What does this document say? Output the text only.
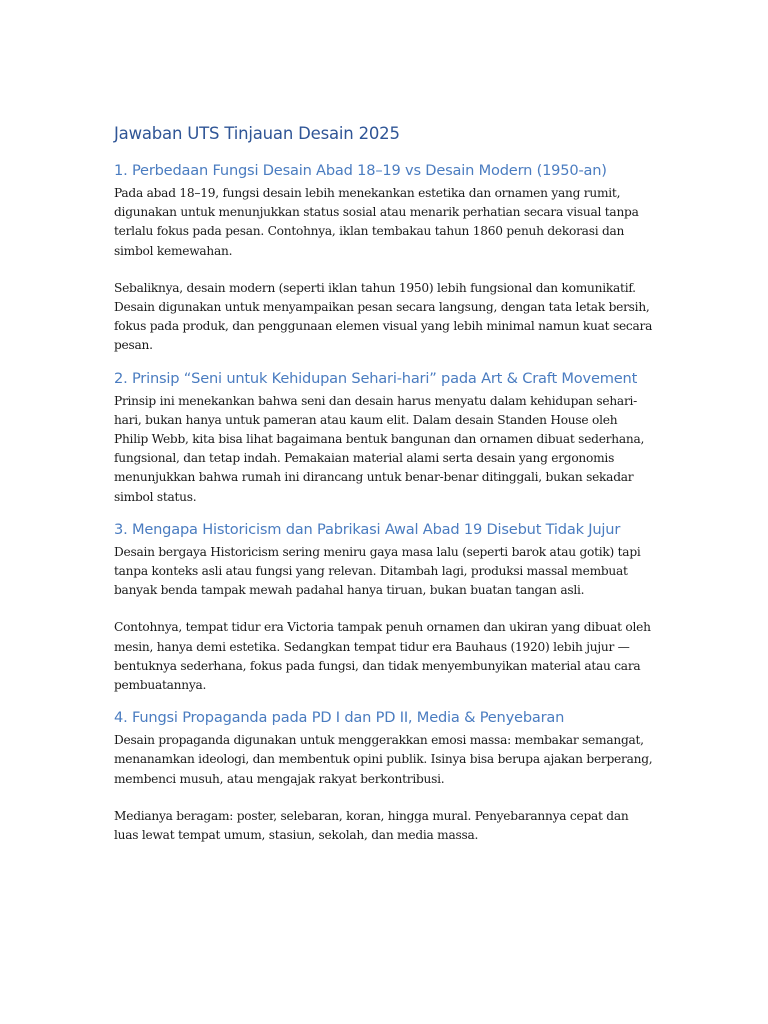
Jawaban UTS Tinjauan Desain 2025
1. Perbedaan Fungsi Desain Abad 18–19 vs Desain Modern (1950-an)

Pada abad 18–19, fungsi desain lebih menekankan estetika dan ornamen yang rumit, digunakan untuk menunjukkan status sosial atau menarik perhatian secara visual tanpa terlalu fokus pada pesan. Contohnya, iklan tembakau tahun 1860 penuh dekorasi dan simbol kemewahan.

Sebaliknya, desain modern (seperti iklan tahun 1950) lebih fungsional dan komunikatif. Desain digunakan untuk menyampaikan pesan secara langsung, dengan tata letak bersih, fokus pada produk, dan penggunaan elemen visual yang lebih minimal namun kuat secara pesan.

2. Prinsip “Seni untuk Kehidupan Sehari-hari” pada Art & Craft Movement

Prinsip ini menekankan bahwa seni dan desain harus menyatu dalam kehidupan sehari-hari, bukan hanya untuk pameran atau kaum elit. Dalam desain Standen House oleh Philip Webb, kita bisa lihat bagaimana bentuk bangunan dan ornamen dibuat sederhana, fungsional, dan tetap indah. Pemakaian material alami serta desain yang ergonomis menunjukkan bahwa rumah ini dirancang untuk benar-benar ditinggali, bukan sekadar simbol status.

3. Mengapa Historicism dan Pabrikasi Awal Abad 19 Disebut Tidak Jujur

Desain bergaya Historicism sering meniru gaya masa lalu (seperti barok atau gotik) tapi tanpa konteks asli atau fungsi yang relevan. Ditambah lagi, produksi massal membuat banyak benda tampak mewah padahal hanya tiruan, bukan buatan tangan asli.

Contohnya, tempat tidur era Victoria tampak penuh ornamen dan ukiran yang dibuat oleh mesin, hanya demi estetika. Sedangkan tempat tidur era Bauhaus (1920) lebih jujur — bentuknya sederhana, fokus pada fungsi, dan tidak menyembunyikan material atau cara pembuatannya.

4. Fungsi Propaganda pada PD I dan PD II, Media & Penyebaran

Desain propaganda digunakan untuk menggerakkan emosi massa: membakar semangat, menanamkan ideologi, dan membentuk opini publik. Isinya bisa berupa ajakan berperang, membenci musuh, atau mengajak rakyat berkontribusi.

Medianya beragam: poster, selebaran, koran, hingga mural. Penyebarannya cepat dan luas lewat tempat umum, stasiun, sekolah, dan media massa.
